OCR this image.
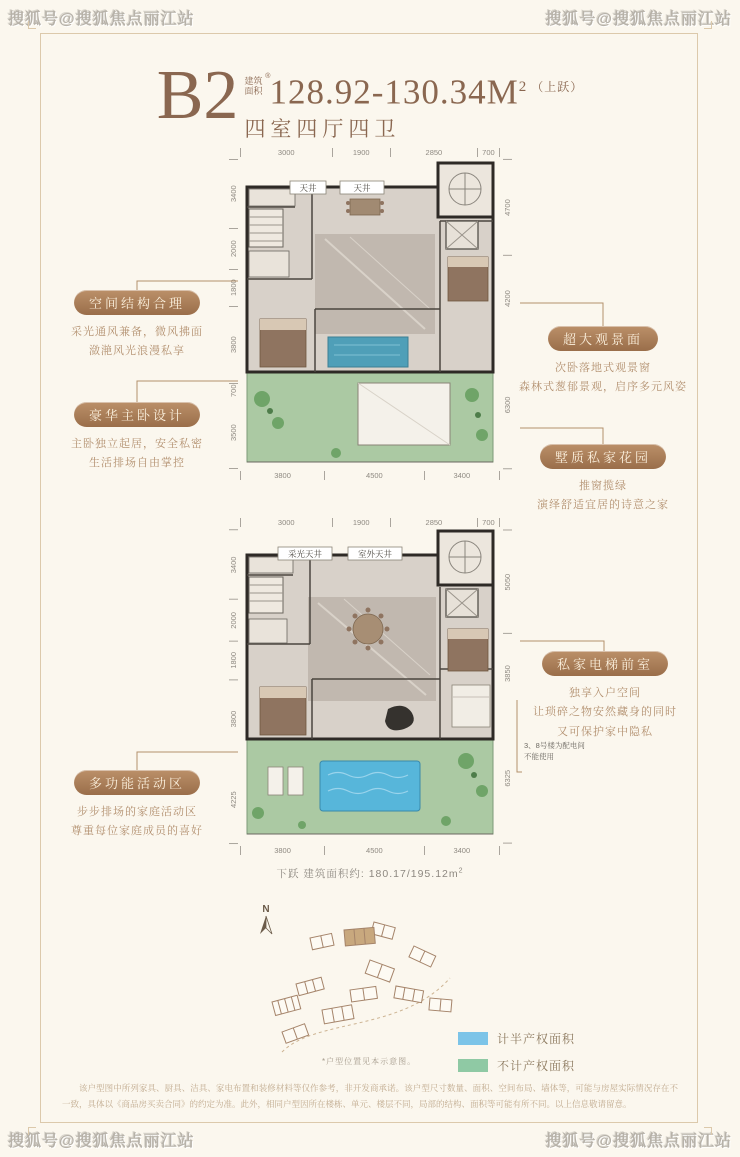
搜狐号@搜狐焦点丽江站	搜狐号@搜狐焦点丽江站
搜狐号@搜狐焦点丽江站	搜狐号@搜狐焦点丽江站
B2 建筑
面积
® $128.92-130.34M^2$ （上跃）
四室四厅四卫
3000	1900	2850	700
3400
2000
1800
3800
700
3500
天井	天井
4700
4200
6300
3800	4500	3400
3000	1900	2850	700
3400
2000
1800
3800
4225
采光天井	室外天井
5050
3850
6325
3800	4500	3400
下跃 建筑面积约: $180.17/195.12m^2$
空间结构合理
采光通风兼备，微风拂面
潋滟风光浪漫私享
豪华主卧设计
主卧独立起居，安全私密
生活排场自由掌控
超大观景面
次卧落地式观景窗
森林式葱郁景观，启序多元风姿
墅质私家花园
推窗揽绿
演绎舒适宜居的诗意之家
私家电梯前室
独享入户空间
让琐碎之物安然藏身的同时
又可保护家中隐私
3、8号楼为配电间
不能使用
多功能活动区
步步排场的家庭活动区
尊重每位家庭成员的喜好
N
*户型位置见本示意图。
计半产权面积
不计产权面积
该户型图中所列家具、厨具、洁具、家电布置和装修材料等仅作参考，非开发商承诺。该户型尺寸数量、面积、空间布局、墙体等，可能与房屋实际情况存在不一致，具体以《商品房买卖合同》的约定为准。此外，相同户型因所在楼栋、单元、楼层不同，局部的结构、面积等可能有所不同。以上信息敬请留意。
